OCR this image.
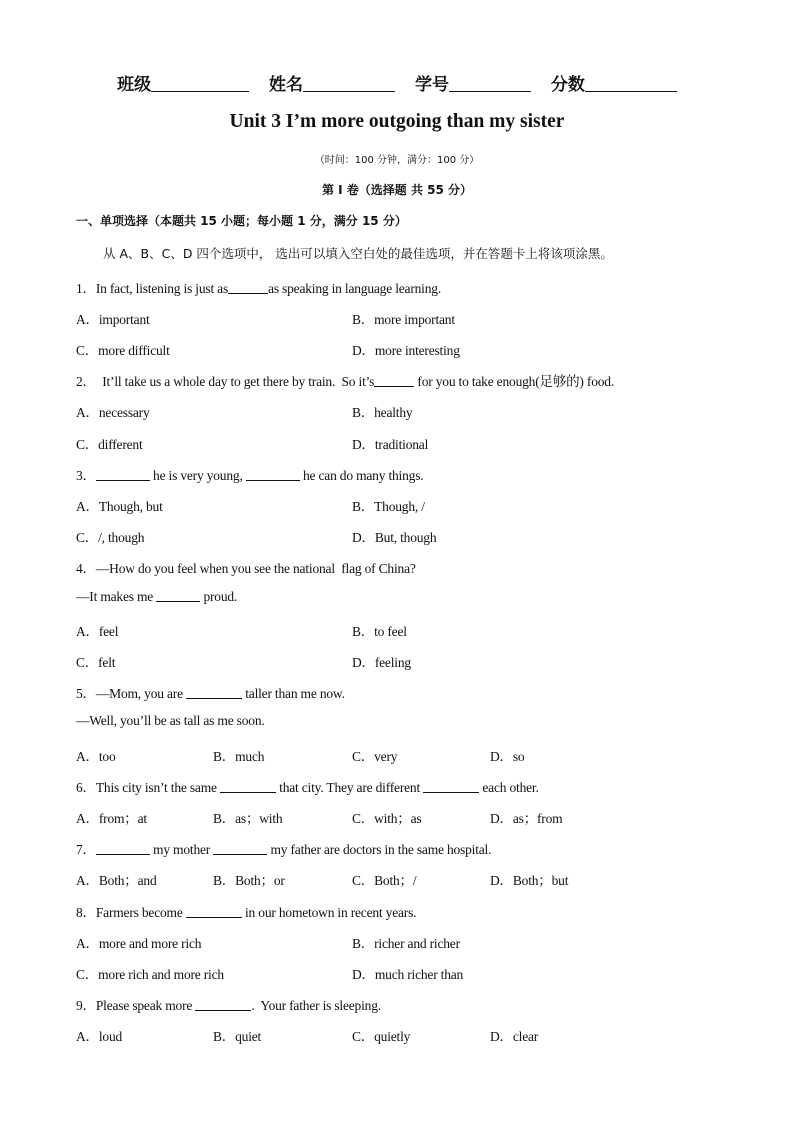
班级	姓名	学号	分数
Unit 3 I’m more outgoing than my sister
（时间：100 分钟，满分：100 分）
第 I 卷（选择题 共 55 分）
一、单项选择（本题共 15 小题；每小题 1 分，满分 15 分）
从 A、B、C、D 四个选项中， 选出可以填入空白处的最佳选项，并在答题卡上将该项涂黑。
1．In fact, listening is just as	as speaking in language learning.
A．important	B．more important
C．more difficult	D．more interesting
2．  It’ll take us a whole day to get there by train.  So it’s	for you to take enough(足够的) food.
A．necessary	B．healthy
C．different	D．traditional
3．	he is very young,	he can do many things.
A．Though, but	B．Though, /
C．/, though	D．But, though
4．—How do you feel when you see the national  flag of China?
—It makes me	proud.
A．feel	B．to feel
C．felt	D．feeling
5．—Mom, you are	taller than me now.
—Well, you’ll be as tall as me soon.
A．too	B．much	C．very	D．so
6．This city isn’t the same	that city. They are different	each other.
A．from；at	B．as；with	C．with；as	D．as；from
7．	my mother	my father are doctors in the same hospital.
A．Both；and	B．Both；or	C．Both；/	D．Both；but
8．Farmers become	in our hometown in recent years.
A．more and more rich	B．richer and richer
C．more rich and more rich	D．much richer than
9．Please speak more	.  Your father is sleeping.
A．loud	B．quiet	C．quietly	D．clear
